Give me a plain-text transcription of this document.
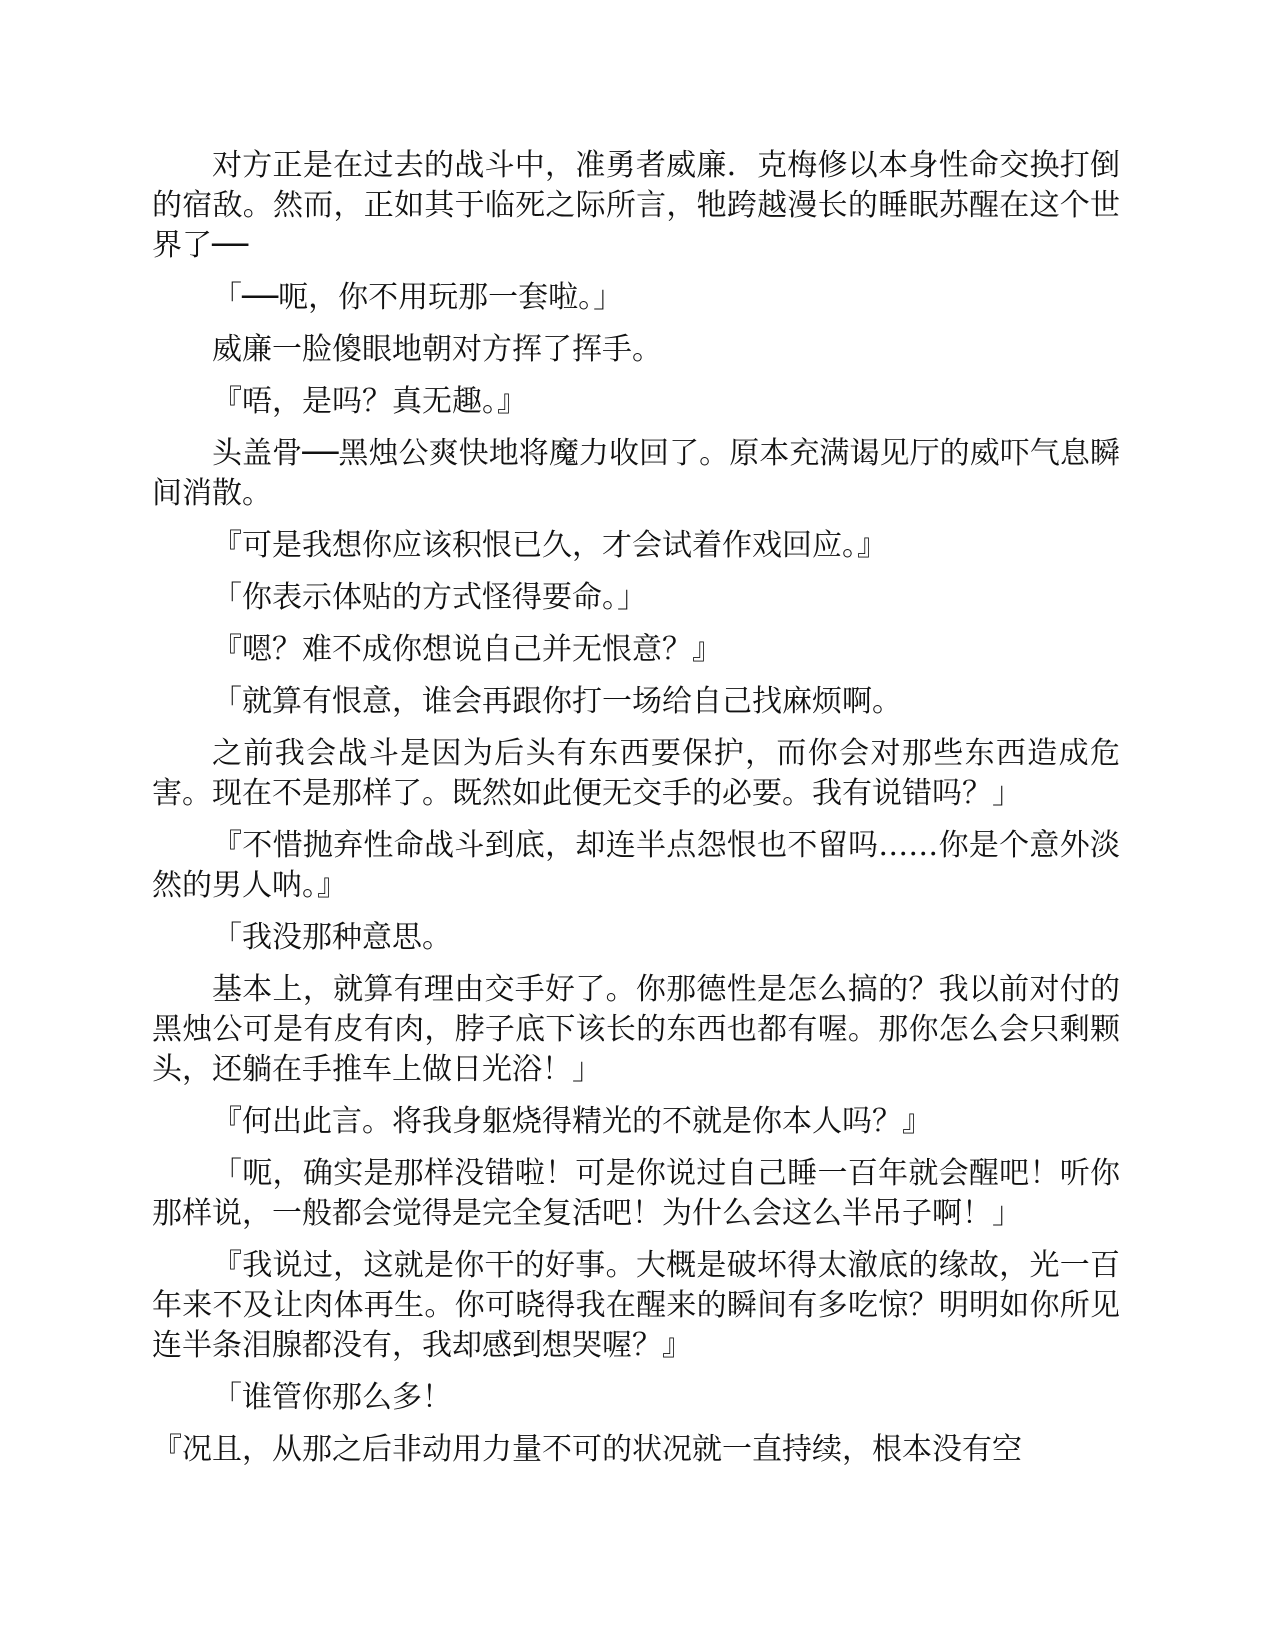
对方正是在过去的战斗中，准勇者威廉．克梅修以本身性命交换打倒的宿敌。然而，正如其于临死之际所言，牠跨越漫长的睡眠苏醒在这个世界了──

「──呃，你不用玩那一套啦。」

威廉一脸傻眼地朝对方挥了挥手。

『唔，是吗？真无趣。』

头盖骨──黑烛公爽快地将魔力收回了。原本充满谒见厅的威吓气息瞬间消散。

『可是我想你应该积恨已久，才会试着作戏回应。』

「你表示体贴的方式怪得要命。」

『嗯？难不成你想说自己并无恨意？』

「就算有恨意，谁会再跟你打一场给自己找麻烦啊。

之前我会战斗是因为后头有东西要保护，而你会对那些东西造成危害。现在不是那样了。既然如此便无交手的必要。我有说错吗？」

『不惜抛弃性命战斗到底，却连半点怨恨也不留吗……你是个意外淡然的男人呐。』

「我没那种意思。

基本上，就算有理由交手好了。你那德性是怎么搞的？我以前对付的黑烛公可是有皮有肉，脖子底下该长的东西也都有喔。那你怎么会只剩颗头，还躺在手推车上做日光浴！」

『何出此言。将我身躯烧得精光的不就是你本人吗？』

「呃，确实是那样没错啦！可是你说过自己睡一百年就会醒吧！听你那样说，一般都会觉得是完全复活吧！为什么会这么半吊子啊！」

『我说过，这就是你干的好事。大概是破坏得太澈底的缘故，光一百年来不及让肉体再生。你可晓得我在醒来的瞬间有多吃惊？明明如你所见连半条泪腺都没有，我却感到想哭喔？』

「谁管你那么多！

『况且，从那之后非动用力量不可的状况就一直持续，根本没有空
